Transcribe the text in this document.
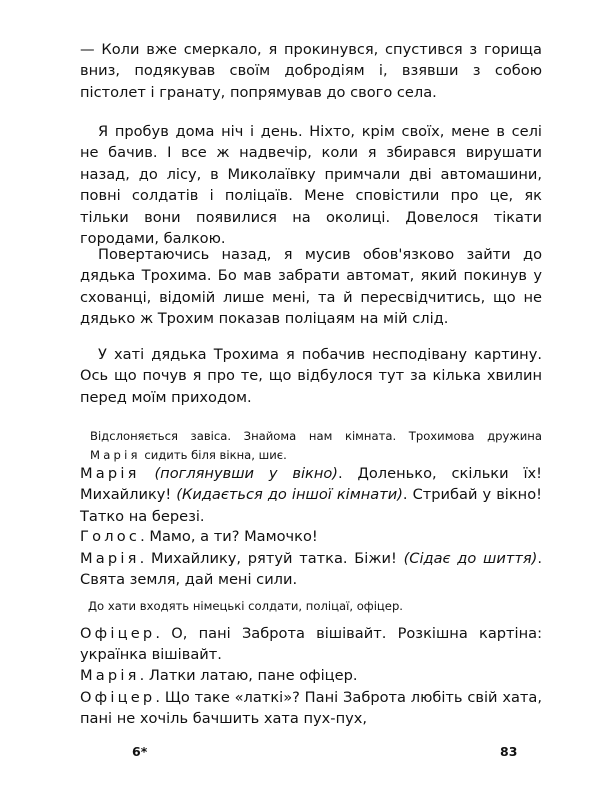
— Коли вже смеркало, я прокинувся, спустився з горища вниз, подякував своїм добродіям і, взявши з собою пістолет і гранату, попрямував до свого села.

Я пробув дома ніч і день. Ніхто, крім своїх, мене в селі не бачив. І все ж надвечір, коли я збирався вирушати назад, до лісу, в Миколаївку примчали дві автомашини, повні солдатів і поліцаїв. Мене сповістили про це, як тільки вони появилися на околиці. Довелося тікати городами, балкою.

Повертаючись назад, я мусив обов'язково зайти до дядька Трохима. Бо мав забрати автомат, який покинув у схованці, відомій лише мені, та й пересвідчитись, що не дядько ж Трохим показав поліцаям на мій слід.

У хаті дядька Трохима я побачив несподівану картину. Ось що почув я про те, що відбулося тут за кілька хвилин перед моїм приходом.

Відслоняється завіса. Знайома нам кімната. Трохимова дружина Марія сидить біля вікна, шиє.

Марія (поглянувши у вікно). Доленько, скільки їх! Михайлику! (Кидається до іншої кімнати). Стрибай у вікно! Татко на березі.

Голос. Мамо, а ти? Мамочко!

Марія. Михайлику, рятуй татка. Біжи! (Сідає до шиття). Свята земля, дай мені сили.

До хати входять німецькі солдати, поліцаї, офіцер.

Офіцер. О, пані Заброта вішівайт. Розкішна картіна: українка вішівайт.

Марія. Латки латаю, пане офіцер.

Офіцер. Що таке «латкі»? Пані Заброта любіть свій хата, пані не хочіль бачшить хата пух-пух,

6*	83
